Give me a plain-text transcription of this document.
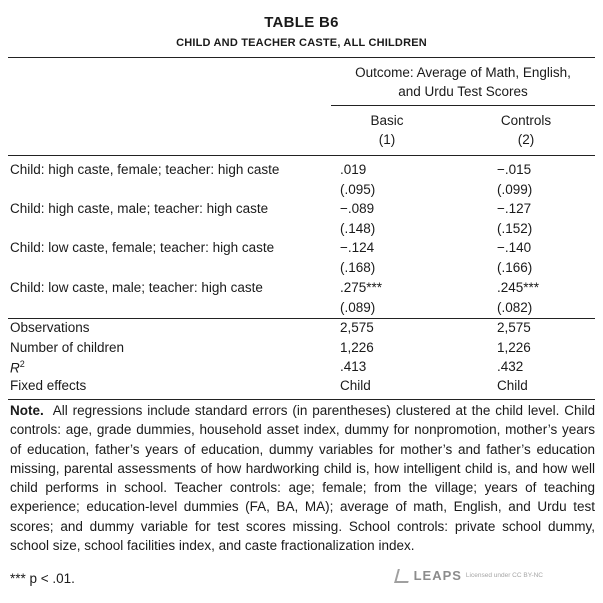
TABLE B6
CHILD AND TEACHER CASTE, ALL CHILDREN
Outcome: Average of Math, English,
and Urdu Test Scores
Basic
(1)
Controls
(2)
Child: high caste, female; teacher: high caste	.019	−.015
(.095)	(.099)
Child: high caste, male; teacher: high caste	−.089	−.127
(.148)	(.152)
Child: low caste, female; teacher: high caste	−.124	−.140
(.168)	(.166)
Child: low caste, male; teacher: high caste	.275***	.245***
(.089)	(.082)
Observations	2,575	2,575
Number of children	1,226	1,226
$R^2$	.413	.432
Fixed effects	Child	Child
Note. All regressions include standard errors (in parentheses) clustered at the child level. Child controls: age, grade dummies, household asset index, dummy for nonpromotion, mother’s years of education, father’s years of education, dummy variables for mother’s and father’s education missing, parental assessments of how hardworking child is, how intelligent child is, and how well child performs in school. Teacher controls: age; female; from the village; years of teaching experience; education-level dummies (FA, BA, MA); average of math, English, and Urdu test scores; and dummy variable for test scores missing. School controls: private school dummy, school size, school facilities index, and caste fractionalization index.
*** p < .01.	LEAPS Licensed under CC BY-NC
